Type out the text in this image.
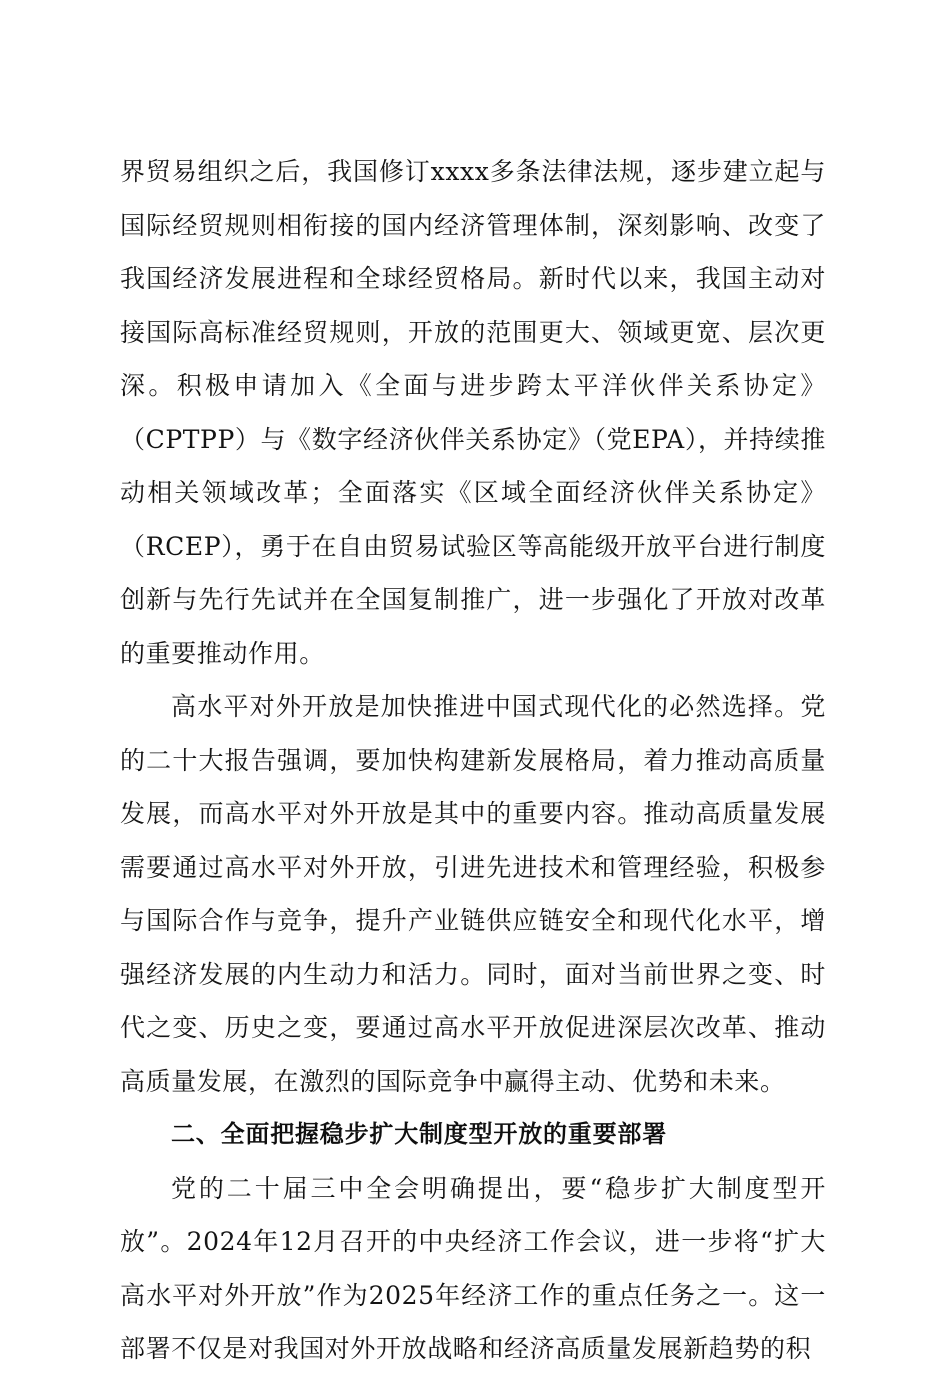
界贸易组织之后，我国修订xxxx多条法律法规，逐步建立起与国际经贸规则相衔接的国内经济管理体制，深刻影响、改变了我国经济发展进程和全球经贸格局。新时代以来，我国主动对接国际高标准经贸规则，开放的范围更大、领域更宽、层次更深。积极申请加入《全面与进步跨太平洋伙伴关系协定》（CPTPP）与《数字经济伙伴关系协定》（党EPA），并持续推动相关领域改革；全面落实《区域全面经济伙伴关系协定》（RCEP），勇于在自由贸易试验区等高能级开放平台进行制度创新与先行先试并在全国复制推广，进一步强化了开放对改革的重要推动作用。

高水平对外开放是加快推进中国式现代化的必然选择。党的二十大报告强调，要加快构建新发展格局，着力推动高质量发展，而高水平对外开放是其中的重要内容。推动高质量发展需要通过高水平对外开放，引进先进技术和管理经验，积极参与国际合作与竞争，提升产业链供应链安全和现代化水平，增强经济发展的内生动力和活力。同时，面对当前世界之变、时代之变、历史之变，要通过高水平开放促进深层次改革、推动高质量发展，在激烈的国际竞争中赢得主动、优势和未来。

二、全面把握稳步扩大制度型开放的重要部署

党的二十届三中全会明确提出，要“稳步扩大制度型开放”。2024年12月召开的中央经济工作会议，进一步将“扩大高水平对外开放”作为2025年经济工作的重点任务之一。这一部署不仅是对我国对外开放战略和经济高质量发展新趋势的积
